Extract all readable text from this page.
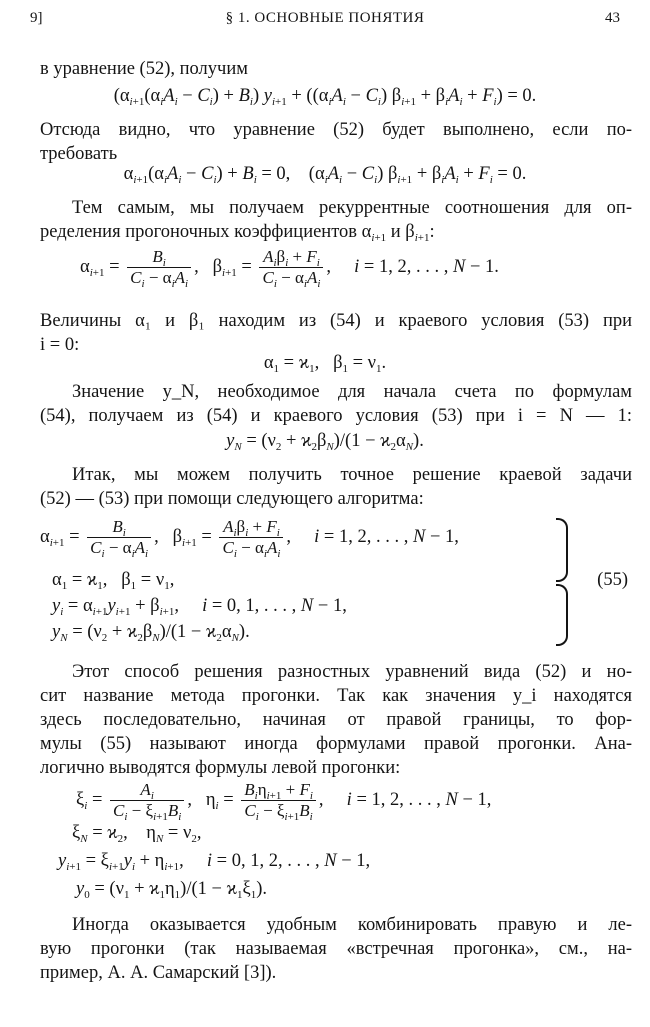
9]	§ 1. ОСНОВНЫЕ ПОНЯТИЯ	43
в уравнение (52), получим
$(\alpha_{i+1}(\alpha_iA_i - C_i) + B_i) y_{i+1} + ((\alpha_iA_i - C_i) \beta_{i+1} + \beta_iA_i + F_i) = 0$.
Отсюда видно, что уравнение (52) будет выполнено, если по-
требовать
$\alpha_{i+1}(\alpha_iA_i - C_i) + B_i = 0$,    $(\alpha_iA_i - C_i) \beta_{i+1} + \beta_iA_i + F_i = 0$.
Тем самым, мы получаем рекуррентные соотношения для оп-
ределения прогоночных коэффициентов $\alpha_{i+1}$ и $\beta_{i+1}$:
$\alpha_{i+1}$ =
$B_i$
$C_i - \alpha_iA_i$
,   $\beta_{i+1}$ =
$A_i\beta_i + F_i$
$C_i - \alpha_iA_i$
,     i = 1, 2, . . . , N − 1.
Величины α₁ и β₁ находим из (54) и краевого условия (53) при
i = 0:
$\alpha_1 = ϰ_1$,   $\beta_1 = \nu_1$.
Значение y_N, необходимое для начала счета по формулам
(54), получаем из (54) и краевого условия (53) при i = N — 1:
$y_N = (\nu_2 + ϰ_2\beta_N)/(1 - ϰ_2\alpha_N)$.
Итак, мы можем получить точное решение краевой задачи
(52) — (53) при помощи следующего алгоритма:
$\alpha_{i+1}$ =
$B_i$
$C_i - \alpha_iA_i$
,   $\beta_{i+1}$ =
$A_i\beta_i + F_i$
$C_i - \alpha_iA_i$
,     i = 1, 2, . . . , N − 1,
$\alpha_1 = ϰ_1$,   $\beta_1 = \nu_1$,
$y_i = \alpha_{i+1}y_{i+1} + \beta_{i+1}$,     i = 0, 1, . . . , N − 1,
$y_N = (\nu_2 + ϰ_2\beta_N)/(1 - ϰ_2\alpha_N)$.
(55)
Этот способ решения разностных уравнений вида (52) и но-
сит название метода прогонки. Так как значения y_i находятся
здесь последовательно, начиная от правой границы, то фор-
мулы (55) называют иногда формулами правой прогонки. Ана-
логично выводятся формулы левой прогонки:
$\xi_i = \frac{A_i}{C_i - \xi_{i+1}B_i}$ ,   $\eta_i$ =
$B_i\eta_{i+1} + F_i$
$C_i - \xi_{i+1}B_i$
,     i = 1, 2, . . . , N − 1,
$\xi_N = ϰ_2$,    $\eta_N = \nu_2$,
$y_{i+1} = \xi_{i+1}y_i + \eta_{i+1}$,     i = 0, 1, 2, . . . , N − 1,
$y_0 = (\nu_1 + ϰ_1\eta_1)/(1 - ϰ_1\xi_1)$.
Иногда оказывается удобным комбинировать правую и ле-
вую прогонки (так называемая «встречная прогонка», см., на-
пример, А. А. Самарский [3]).
